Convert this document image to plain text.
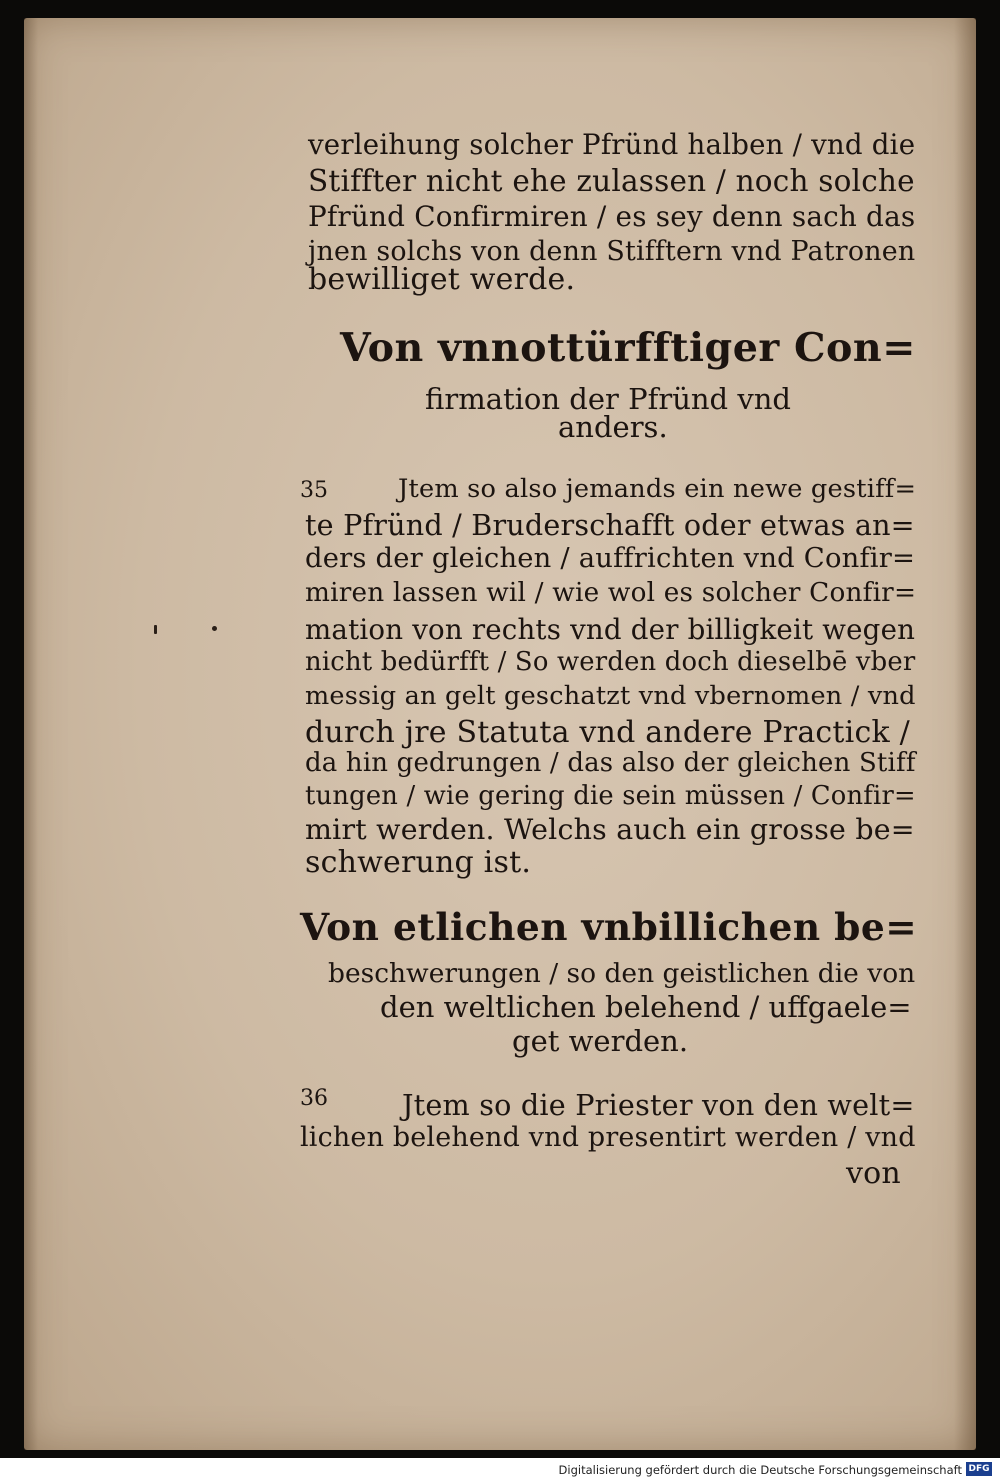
verleihung solcher Pfründ halben / vnd die
Stiffter nicht ehe zulassen / noch solche
Pfründ Confirmiren / es sey denn sach das
jnen solchs von denn Stifftern vnd Patronen
bewilliget werde.
Von vnnottürfftiger Con=
firmation der Pfründ vnd
anders.
35	Jtem so also jemands ein newe gestiff=
te Pfründ / Bruderschafft oder etwas an=
ders der gleichen / auffrichten vnd Confir=
miren lassen wil / wie wol es solcher Confir=
mation von rechts vnd der billigkeit wegen
nicht bedürfft / So werden doch dieselbē vber
messig an gelt geschatzt vnd vbernomen / vnd
durch jre Statuta vnd andere Practick /
da hin gedrungen / das also der gleichen Stiff
tungen / wie gering die sein müssen / Confir=
mirt werden. Welchs auch ein grosse be=
schwerung ist.
Von etlichen vnbillichen be=
beschwerungen / so den geistlichen die von
den weltlichen belehend / uffgaele=
get werden.
36	Jtem so die Priester von den welt=
lichen belehend vnd presentirt werden / vnd
von
Digitalisierung gefördert durch die Deutsche Forschungsgemeinschaft DFG
